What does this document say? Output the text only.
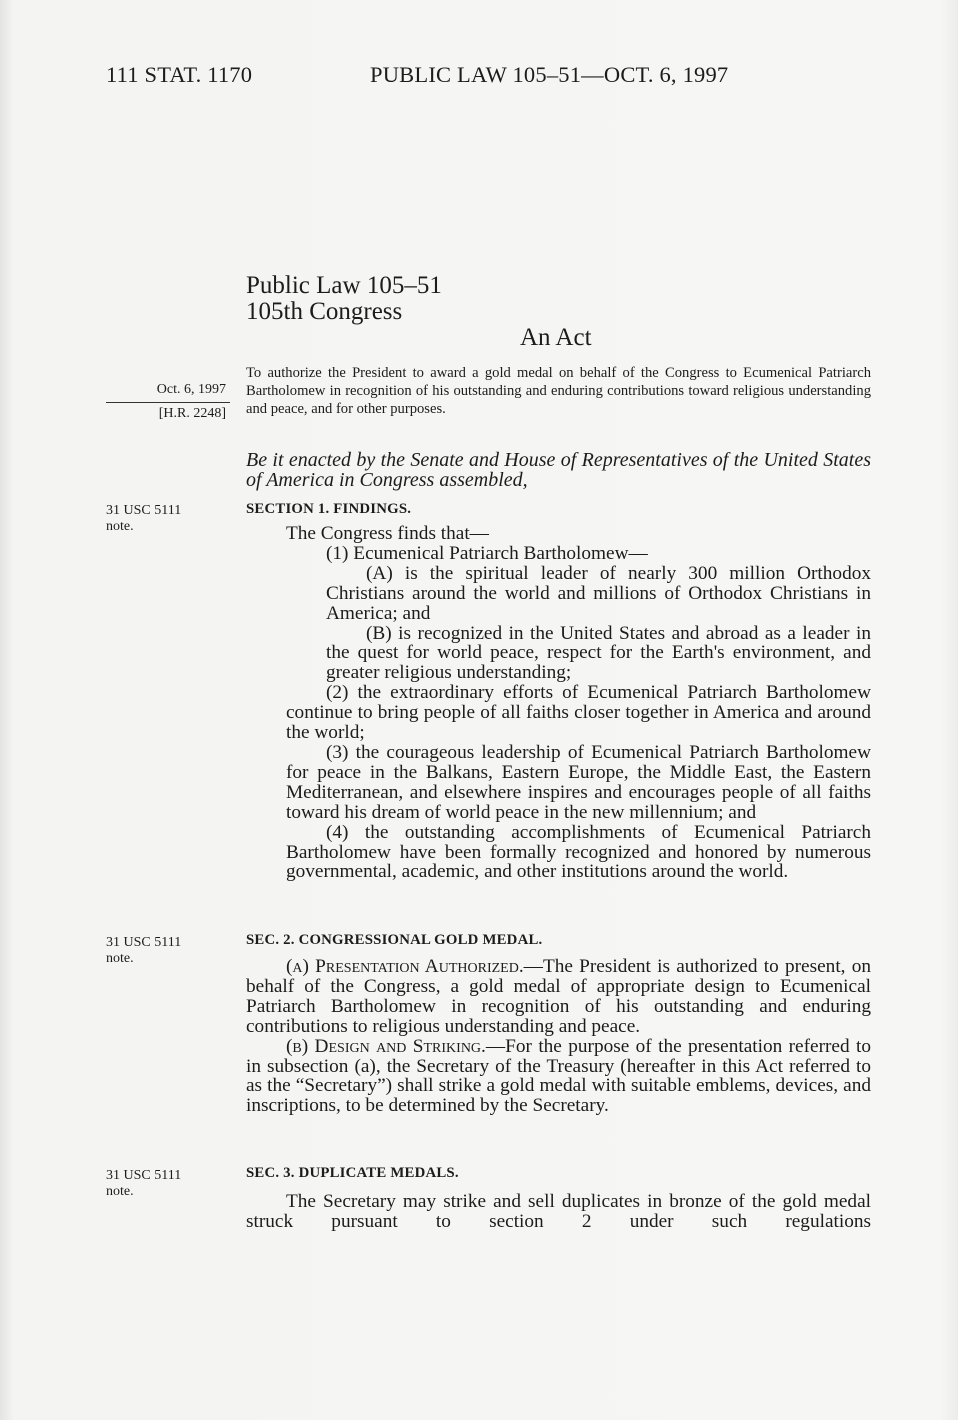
111 STAT. 1170	PUBLIC LAW 105–51—OCT. 6, 1997
Public Law 105–51
105th Congress
An Act
Oct. 6, 1997
[H.R. 2248]
To authorize the President to award a gold medal on behalf of the Congress to Ecumenical Patriarch Bartholomew in recognition of his outstanding and enduring contributions toward religious understanding and peace, and for other purposes.
Be it enacted by the Senate and House of Representatives of the United States of America in Congress assembled,
31 USC 5111
note.
31 USC 5111
note.
31 USC 5111
note.
SECTION 1. FINDINGS.

The Congress finds that—

(1) Ecumenical Patriarch Bartholomew—

(A) is the spiritual leader of nearly 300 million Orthodox Christians around the world and millions of Orthodox Christians in America; and

(B) is recognized in the United States and abroad as a leader in the quest for world peace, respect for the Earth's environment, and greater religious understanding;

(2) the extraordinary efforts of Ecumenical Patriarch Bartholomew continue to bring people of all faiths closer together in America and around the world;

(3) the courageous leadership of Ecumenical Patriarch Bartholomew for peace in the Balkans, Eastern Europe, the Middle East, the Eastern Mediterranean, and elsewhere inspires and encourages people of all faiths toward his dream of world peace in the new millennium; and

(4) the outstanding accomplishments of Ecumenical Patriarch Bartholomew have been formally recognized and honored by numerous governmental, academic, and other institutions around the world.

SEC. 2. CONGRESSIONAL GOLD MEDAL.

(a) Presentation Authorized.—The President is authorized to present, on behalf of the Congress, a gold medal of appropriate design to Ecumenical Patriarch Bartholomew in recognition of his outstanding and enduring contributions to religious understanding and peace.

(b) Design and Striking.—For the purpose of the presentation referred to in subsection (a), the Secretary of the Treasury (hereafter in this Act referred to as the “Secretary”) shall strike a gold medal with suitable emblems, devices, and inscriptions, to be determined by the Secretary.

SEC. 3. DUPLICATE MEDALS.

The Secretary may strike and sell duplicates in bronze of the gold medal struck pursuant to section 2 under such regulations
